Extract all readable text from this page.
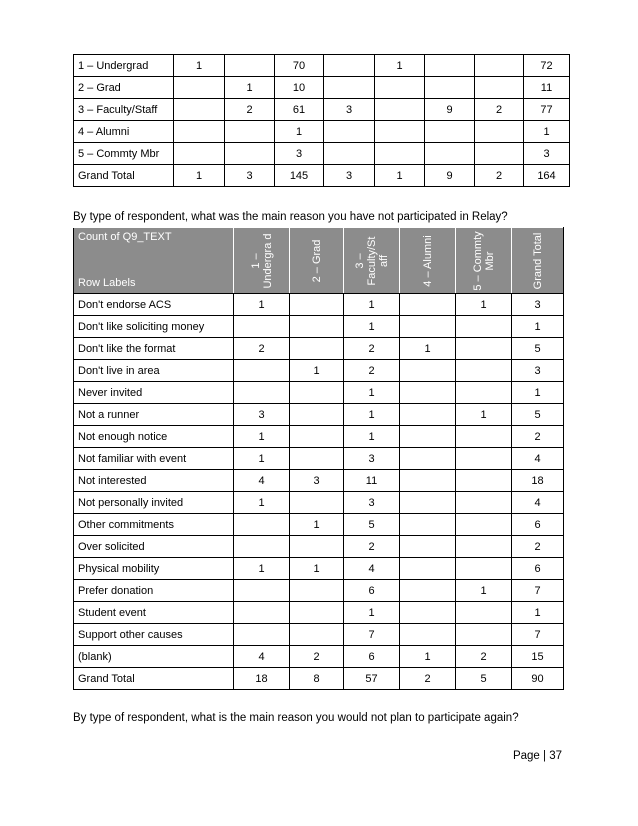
1 – Undergrad	1		70		1			72
2 – Grad		1	10					11
3 – Faculty/Staff		2	61	3		9	2	77
4 – Alumni			1					1
5 – Commty Mbr			3					3
Grand Total	1	3	145	3	1	9	2	164
By type of respondent, what was the main reason you have not participated in Relay?
Count of Q9_TEXT
Row Labels	1 – Undergra d	2 – Grad	3 – Faculty/St aff	4 – Alumni	5 – Commty Mbr	Grand Total

Don't endorse ACS	1		1		1	3
Don't like soliciting money			1			1
Don't like the format	2		2	1		5
Don't live in area		1	2			3
Never invited			1			1
Not a runner	3		1		1	5
Not enough notice	1		1			2
Not familiar with event	1		3			4
Not interested	4	3	11			18
Not personally invited	1		3			4
Other commitments		1	5			6
Over solicited			2			2
Physical mobility	1	1	4			6
Prefer donation			6		1	7
Student event			1			1
Support other causes			7			7
(blank)	4	2	6	1	2	15
Grand Total	18	8	57	2	5	90
By type of respondent, what is the main reason you would not plan to participate again?
Page | 37
